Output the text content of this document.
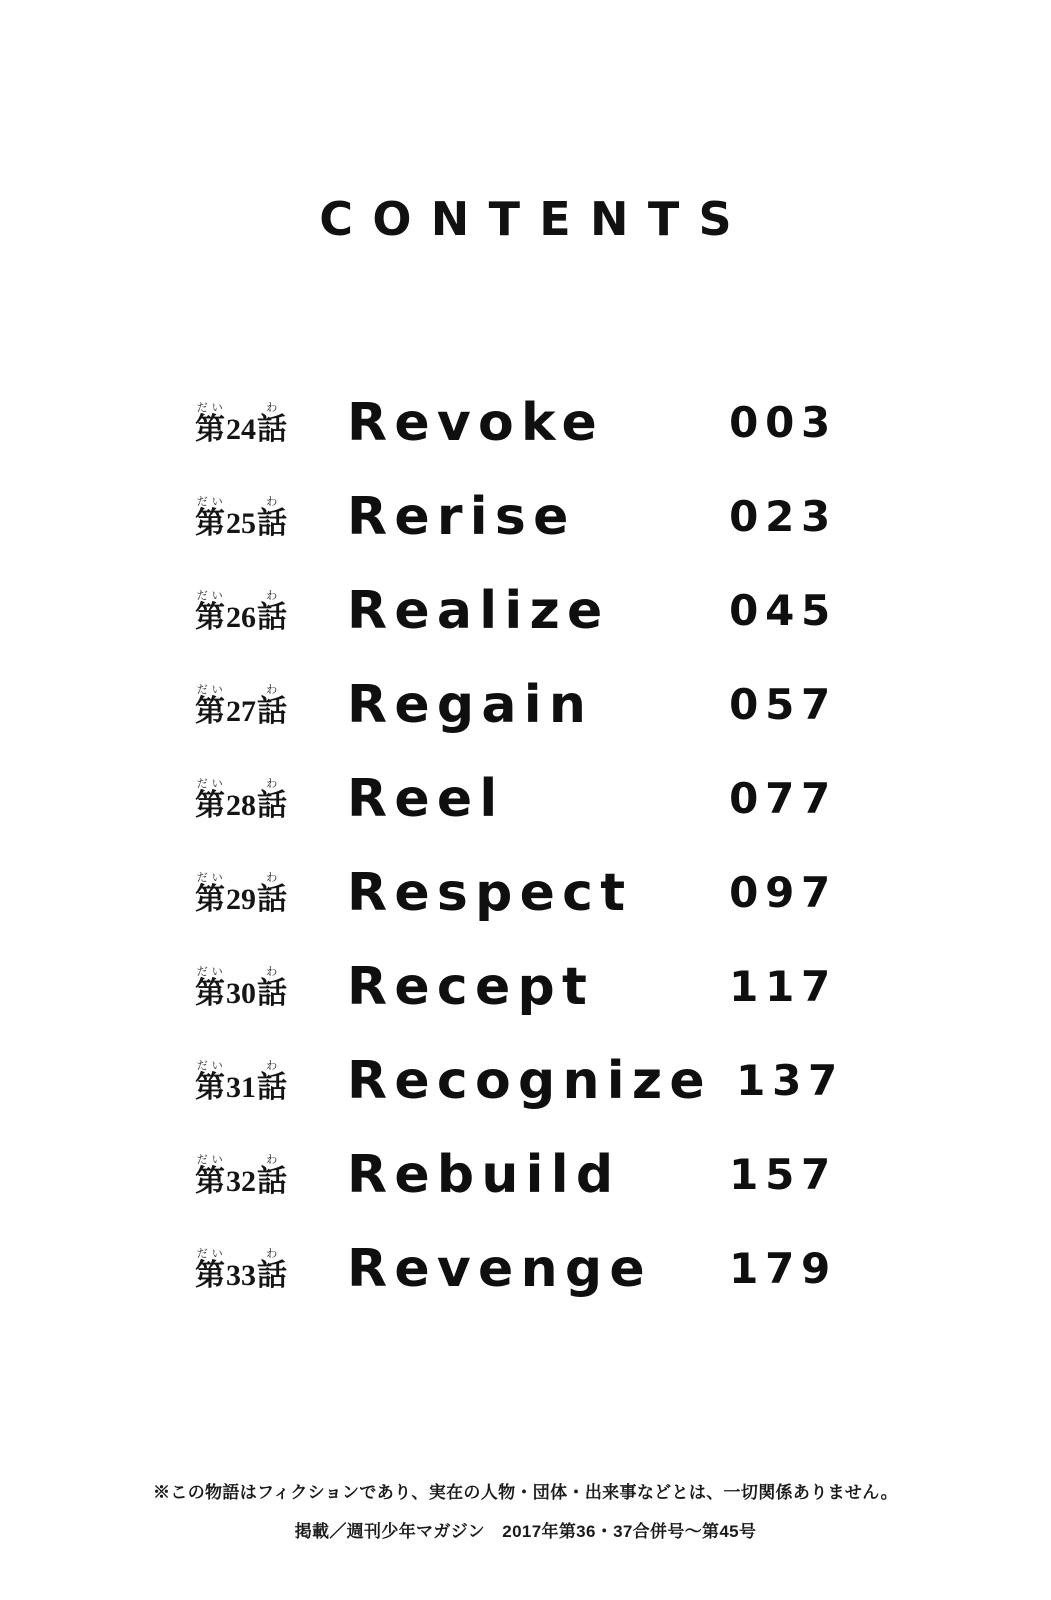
CONTENTS
第だい24話わ Revoke	003
第だい25話わ Rerise	023
第だい26話わ Realize	045
第だい27話わ Regain	057
第だい28話わ Reel	077
第だい29話わ Respect	097
第だい30話わ Recept	117
第だい31話わ Recognize 137
第だい32話わ Rebuild	157
第だい33話わ Revenge	179
※この物語はフィクションであり、実在の人物・団体・出来事などとは、一切関係ありません。
掲載／週刊少年マガジン　2017年第36・37合併号～第45号
